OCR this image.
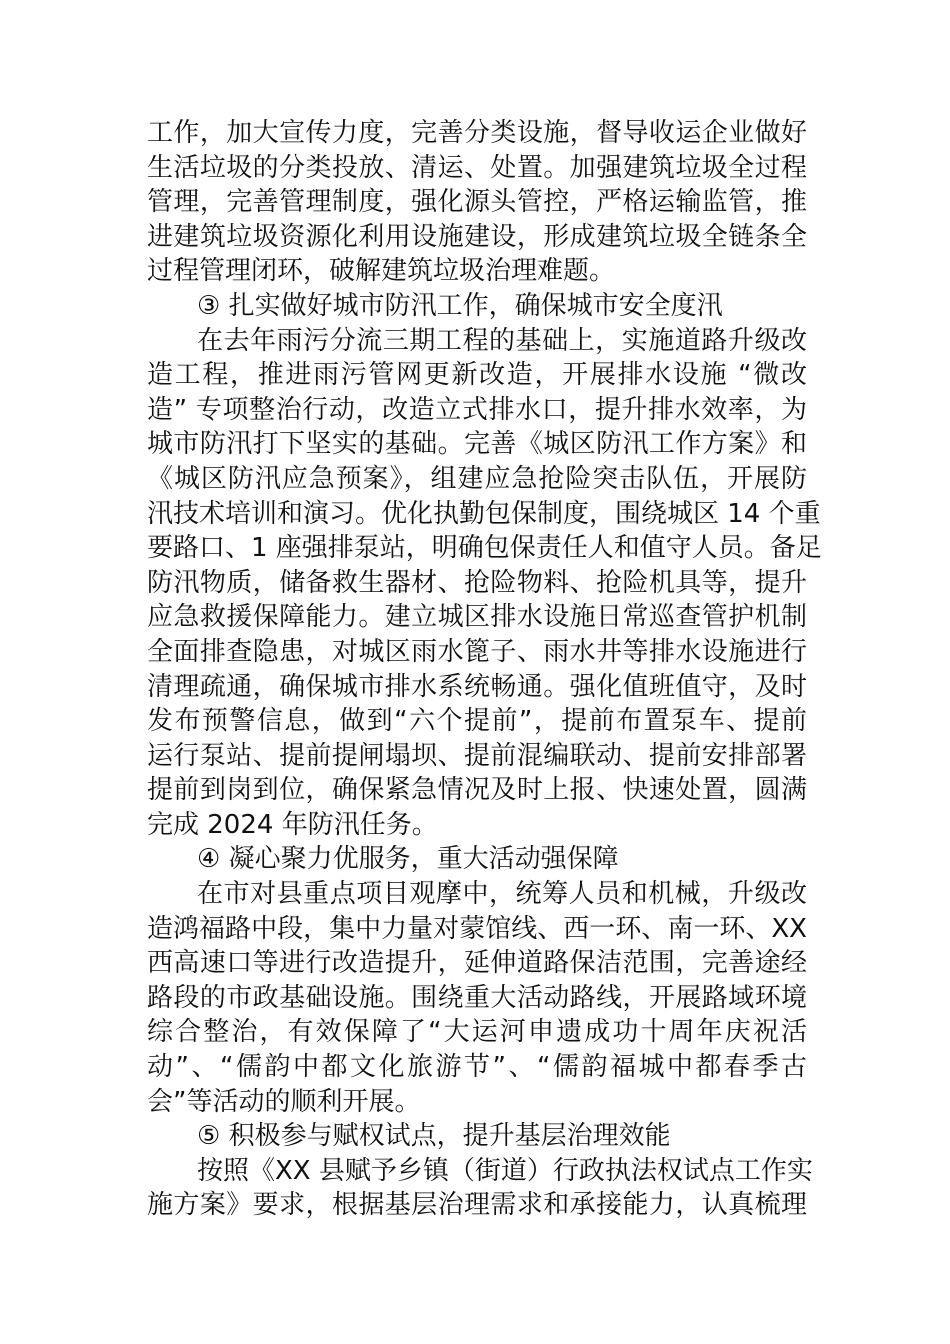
工作，加大宣传力度，完善分类设施，督导收运企业做好
生活垃圾的分类投放、清运、处置。加强建筑垃圾全过程
管理，完善管理制度，强化源头管控，严格运输监管，推
进建筑垃圾资源化利用设施建设，形成建筑垃圾全链条全
过程管理闭环，破解建筑垃圾治理难题。
③ 扎实做好城市防汛工作，确保城市安全度汛
在去年雨污分流三期工程的基础上，实施道路升级改
造工程，推进雨污管网更新改造，开展排水设施 “微改
造” 专项整治行动，改造立式排水口，提升排水效率，为
城市防汛打下坚实的基础。完善《城区防汛工作方案》和
《城区防汛应急预案》，组建应急抢险突击队伍，开展防
汛技术培训和演习。优化执勤包保制度，围绕城区 14 个重
要路口、1 座强排泵站，明确包保责任人和值守人员。备足
防汛物质，储备救生器材、抢险物料、抢险机具等，提升
应急救援保障能力。建立城区排水设施日常巡查管护机制
全面排查隐患，对城区雨水篦子、雨水井等排水设施进行
清理疏通，确保城市排水系统畅通。强化值班值守，及时
发布预警信息，做到“六个提前”，提前布置泵车、提前
运行泵站、提前提闸塌坝、提前混编联动、提前安排部署
提前到岗到位，确保紧急情况及时上报、快速处置，圆满
完成 2024 年防汛任务。
④ 凝心聚力优服务，重大活动强保障
在市对县重点项目观摩中，统筹人员和机械，升级改
造鸿福路中段，集中力量对蒙馆线、西一环、南一环、XX
西高速口等进行改造提升，延伸道路保洁范围，完善途经
路段的市政基础设施。围绕重大活动路线，开展路域环境
综合整治，有效保障了“大运河申遗成功十周年庆祝活
动”、“儒韵中都文化旅游节”、“儒韵福城中都春季古
会”等活动的顺利开展。
⑤ 积极参与赋权试点，提升基层治理效能
按照《XX 县赋予乡镇（街道）行政执法权试点工作实
施方案》要求，根据基层治理需求和承接能力，认真梳理
